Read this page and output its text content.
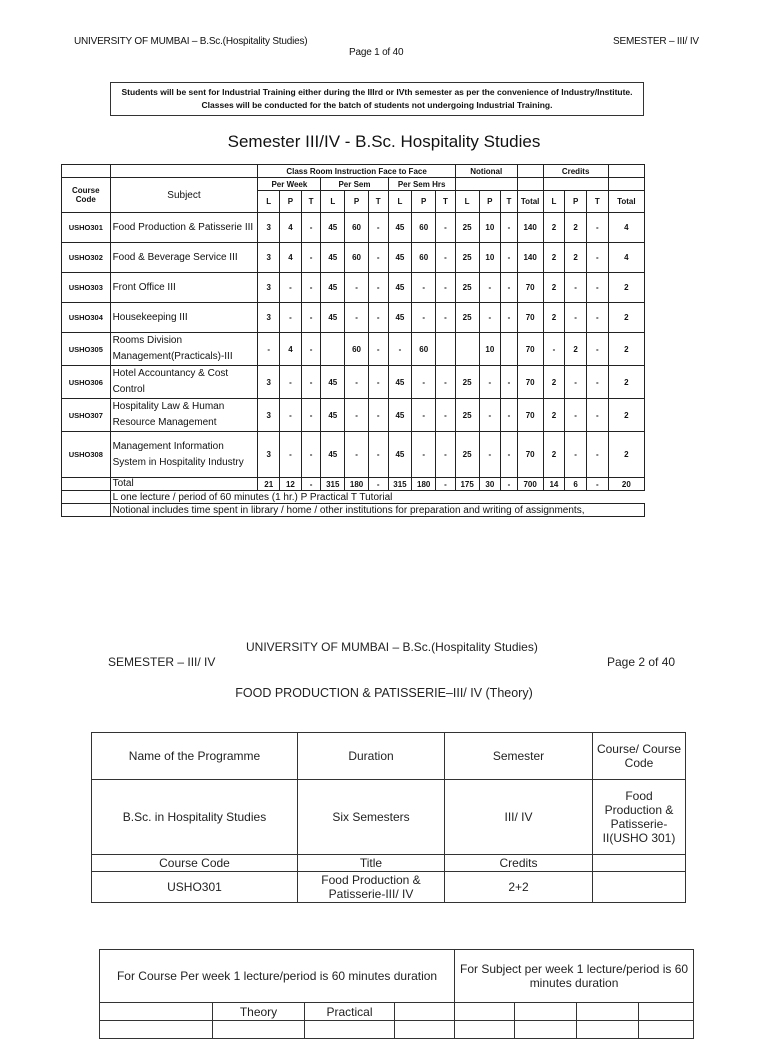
UNIVERSITY OF MUMBAI – B.Sc.(Hospitality Studies)	SEMESTER – III/ IV
Page 1 of 40
Students will be sent for Industrial Training either during the IIIrd or IVth semester as per the convenience of Industry/Institute.
Classes will be conducted for the batch of students not undergoing Industrial Training.
Semester III/IV - B.Sc. Hospitality Studies
		Class Room Instruction Face to Face									Notional				Credits			
Course Code	Subject	Per Week			Per Sem			Per Sem Hrs										
		L	P	T	L	P	T	L	P	T	L	P	T	Total	L	P	T	Total
USHO301	Food Production & Patisserie III	3	4	-	45	60	-	45	60	-	25	10	-	140	2	2	-	4
USHO302	Food & Beverage Service III	3	4	-	45	60	-	45	60	-	25	10	-	140	2	2	-	4
USHO303	Front Office III	3	-	-	45	-	-	45	-	-	25	-	-	70	2	-	-	2
USHO304	Housekeeping III	3	-	-	45	-	-	45	-	-	25	-	-	70	2	-	-	2
USHO305	Rooms Division Management(Practicals)-III	-	4	-		60	-	-	60			10		70	-	2	-	2
USHO306	Hotel Accountancy & Cost Control	3	-	-	45	-	-	45	-	-	25	-	-	70	2	-	-	2
USHO307	Hospitality Law & Human Resource Management	3	-	-	45	-	-	45	-	-	25	-	-	70	2	-	-	2
USHO308	Management Information System in Hospitality Industry	3	-	-	45	-	-	45	-	-	25	-	-	70	2	-	-	2
	Total	21	12	-	315	180	-	315	180	-	175	30	-	700	14	6	-	20
	L one lecture / period of 60 minutes (1 hr.) P Practical T Tutorial																	
	Notional includes time spent in library / home / other institutions for preparation and writing of assignments,																	
UNIVERSITY OF MUMBAI – B.Sc.(Hospitality Studies)
SEMESTER – III/ IV	Page 2 of 40
FOOD PRODUCTION & PATISSERIE–III/ IV (Theory)
Name of the Programme	Duration	Semester	Course/ Course Code
B.Sc. in Hospitality Studies	Six Semesters	III/ IV	Food Production & Patisserie-II(USHO 301)
Course Code	Title	Credits	
USHO301	Food Production & Patisserie-III/ IV	2+2	
For Course Per week 1 lecture/period is 60 minutes duration				For Subject per week 1 lecture/period is 60 minutes duration			
	Theory	Practical					
